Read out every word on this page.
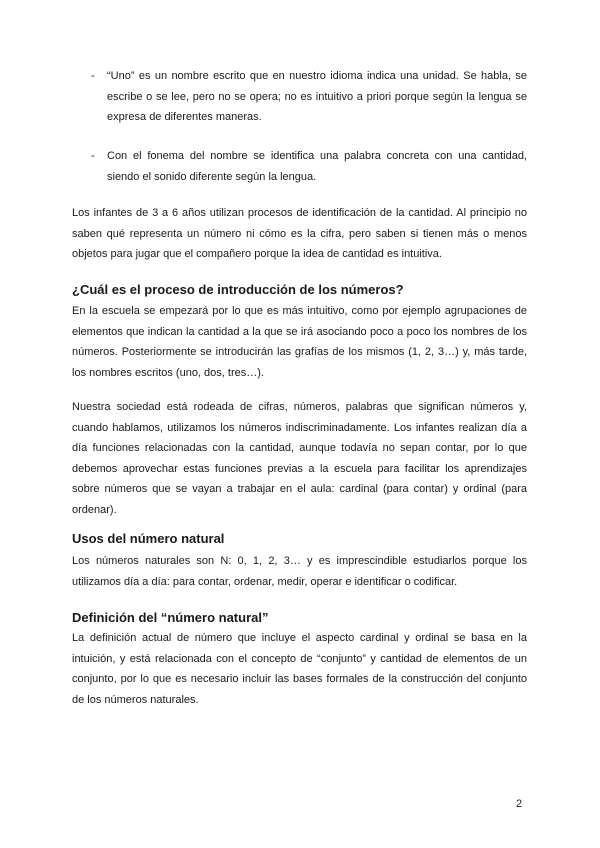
- “Uno” es un nombre escrito que en nuestro idioma indica una unidad. Se habla, se escribe o se lee, pero no se opera; no es intuitivo a priori porque según la lengua se expresa de diferentes maneras.
- Con el fonema del nombre se identifica una palabra concreta con una cantidad, siendo el sonido diferente según la lengua.

Los infantes de 3 a 6 años utilizan procesos de identificación de la cantidad. Al principio no saben qué representa un número ni cómo es la cifra, pero saben si tienen más o menos objetos para jugar que el compañero porque la idea de cantidad es intuitiva.

¿Cuál es el proceso de introducción de los números?

En la escuela se empezará por lo que es más intuitivo, como por ejemplo agrupaciones de elementos que indican la cantidad a la que se irá asociando poco a poco los nombres de los números. Posteriormente se introducirán las grafías de los mismos (1, 2, 3…) y, más tarde, los nombres escritos (uno, dos, tres…).

Nuestra sociedad está rodeada de cifras, números, palabras que significan números y, cuando hablamos, utilizamos los números indiscriminadamente. Los infantes realizan día a día funciones relacionadas con la cantidad, aunque todavía no sepan contar, por lo que debemos aprovechar estas funciones previas a la escuela para facilitar los aprendizajes sobre números que se vayan a trabajar en el aula: cardinal (para contar) y ordinal (para ordenar).

Usos del número natural

Los números naturales son N: 0, 1, 2, 3… y es imprescindible estudiarlos porque los utilizamos día a día: para contar, ordenar, medir, operar e identificar o codificar.

Definición del “número natural”

La definición actual de número que incluye el aspecto cardinal y ordinal se basa en la intuición, y está relacionada con el concepto de “conjunto” y cantidad de elementos de un conjunto, por lo que es necesario incluir las bases formales de la construcción del conjunto de los números naturales.

2
